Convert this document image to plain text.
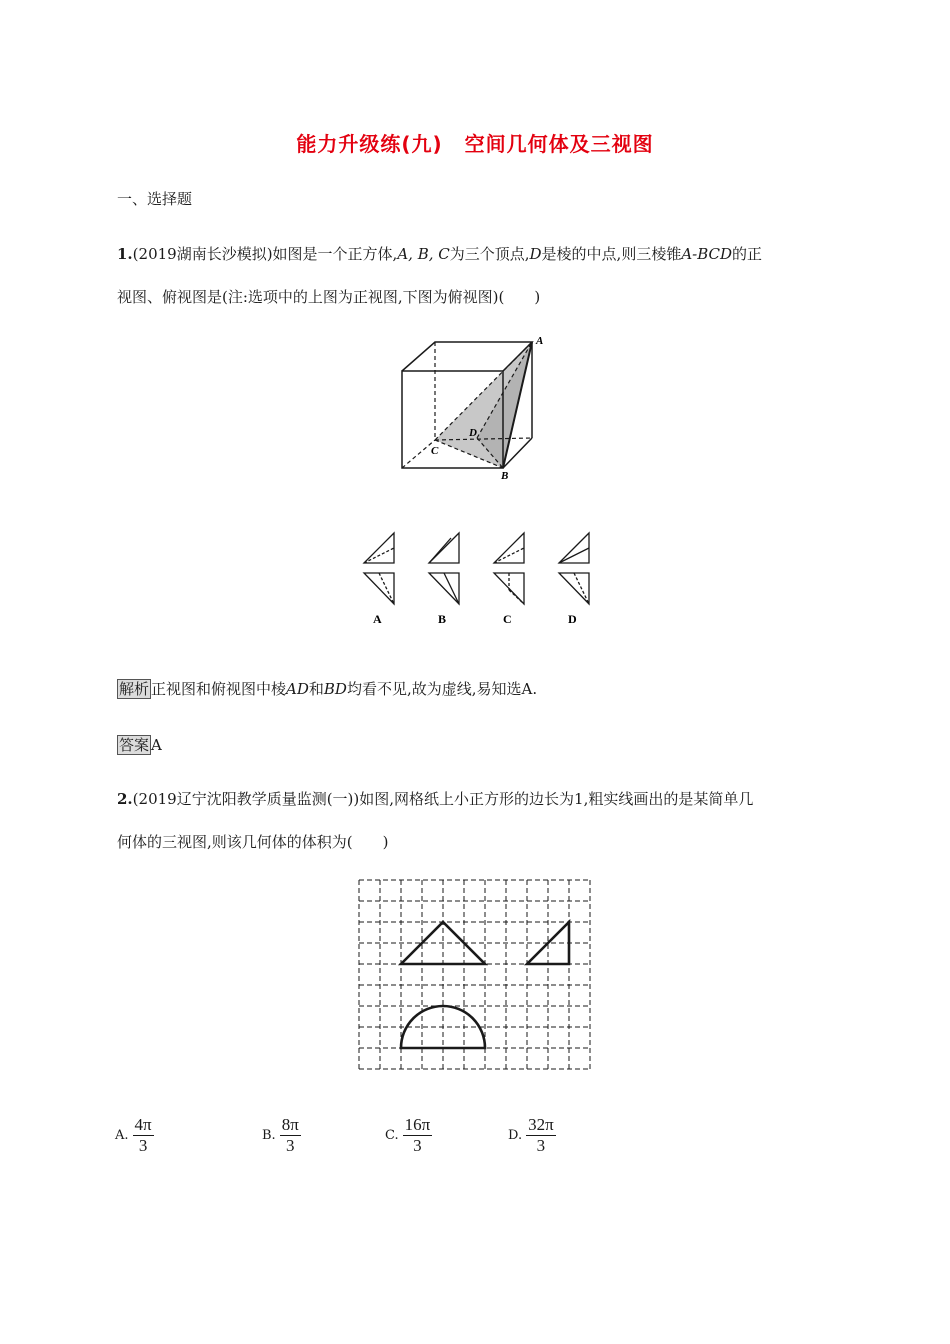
能力升级练(九) 空间几何体及三视图
一、选择题
1.(2019湖南长沙模拟)如图是一个正方体,A, B, C为三个顶点,D是棱的中点,则三棱锥A-BCD的正
视图、俯视图是(注:选项中的上图为正视图,下图为俯视图)(　　)
A
B
C
D
A	B	C	D
解析 正视图和俯视图中棱AD和BD均看不见,故为虚线,易知选A.
答案 A
2.(2019辽宁沈阳教学质量监测(一))如图,网格纸上小正方形的边长为1,粗实线画出的是某简单几
何体的三视图,则该几何体的体积为(　　)
A. $\frac{4\pi}{3}$	B. $\frac{8\pi}{3}$	C. $\frac{16\pi}{3}$	D. $\frac{32\pi}{3}$
